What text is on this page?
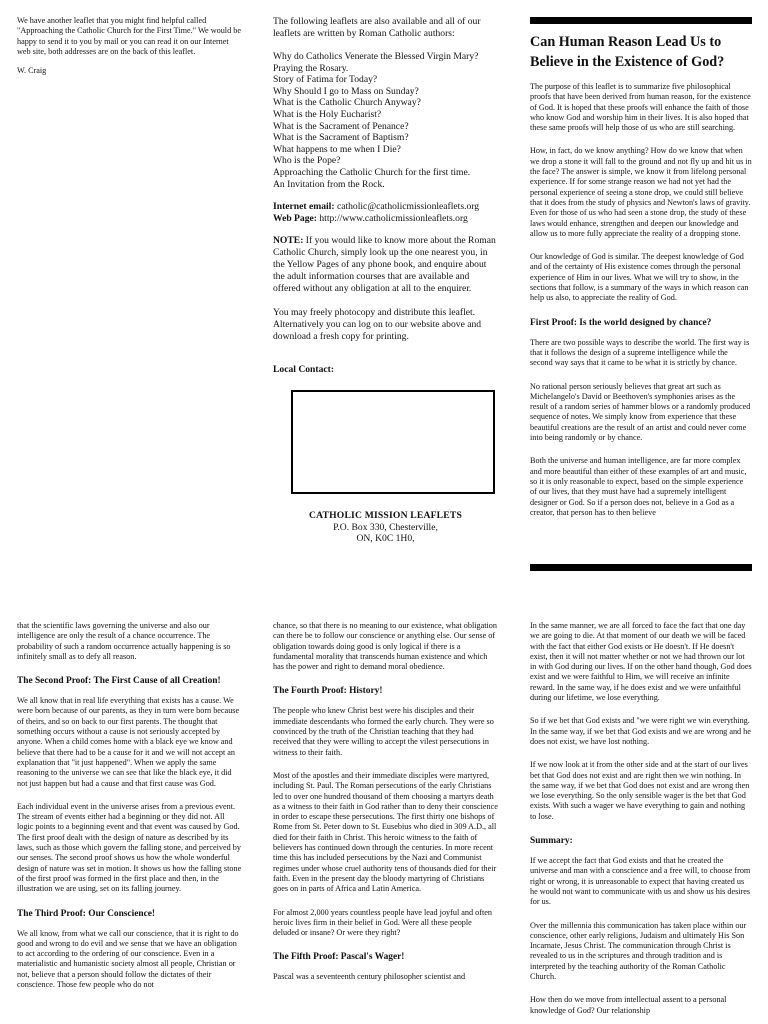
We have another leaflet that you might find helpful called "Approaching the Catholic Church for the First Time." We would be happy to send it to you by mail or you can read it on our Internet web site, both addresses are on the back of this leaflet.

W. Craig

The following leaflets are also available and all of our leaflets are written by Roman Catholic authors:

Why do Catholics Venerate the Blessed Virgin Mary?

Praying the Rosary.

Story of Fatima for Today?

Why Should I go to Mass on Sunday?

What is the Catholic Church Anyway?

What is the Holy Eucharist?

What is the Sacrament of Penance?

What is the Sacrament of Baptism?

What happens to me when I Die?

Who is the Pope?

Approaching the Catholic Church for the first time.

An Invitation from the Rock.

Internet email: catholic@catholicmissionleaflets.org

Web Page: http://www.catholicmissionleaflets.org

NOTE: If you would like to know more about the Roman Catholic Church, simply look up the one nearest you, in the Yellow Pages of any phone book, and enquire about the adult information courses that are available and offered without any obligation at all to the enquirer.

You may freely photocopy and distribute this leaflet. Alternatively you can log on to our website above and download a fresh copy for printing.

Local Contact:

CATHOLIC MISSION LEAFLETS

P.O. Box 330, Chesterville,

ON, K0C 1H0,

Can Human Reason Lead Us to Believe in the Existence of God?

The purpose of this leaflet is to summarize five philosophical proofs that have been derived from human reason, for the existence of God. It is hoped that these proofs will enhance the faith of those who know God and worship him in their lives. It is also hoped that these same proofs will help those of us who are still searching.

How, in fact, do we know anything? How do we know that when we drop a stone it will fall to the ground and not fly up and hit us in the face? The answer is simple, we know it from lifelong personal experience. If for some strange reason we had not yet had the personal experience of seeing a stone drop, we could still believe that it does from the study of physics and Newton's laws of gravity. Even for those of us who had seen a stone drop, the study of these laws would enhance, strengthen and deepen our knowledge and allow us to more fully appreciate the reality of a dropping stone.

Our knowledge of God is similar. The deepest knowledge of God and of the certainty of His existence comes through the personal experience of Him in our lives. What we will try to show, in the sections that follow, is a summary of the ways in which reason can help us also, to appreciate the reality of God.

First Proof: Is the world designed by chance?

There are two possible ways to describe the world. The first way is that it follows the design of a supreme intelligence while the second way says that it came to be what it is strictly by chance.

No rational person seriously believes that great art such as Michelangelo's David or Beethoven's symphonies arises as the result of a random series of hammer blows or a randomly produced sequence of notes. We simply know from experience that these beautiful creations are the result of an artist and could never come into being randomly or by chance.

Both the universe and human intelligence, are far more complex and more beautiful than either of these examples of art and music, so it is only reasonable to expect, based on the simple experience of our lives, that they must have had a supremely intelligent designer or God. So if a person does not, believe in a God as a creator, that person has to then believe

that the scientific laws governing the universe and also our intelligence are only the result of a chance occurrence. The probability of such a random occurrence actually happening is so infinitely small as to defy all reason.

The Second Proof: The First Cause of all Creation!

We all know that in real life everything that exists has a cause. We were born because of our parents, as they in turn were born because of theirs, and so on back to our first parents. The thought that something occurs without a cause is not seriously accepted by anyone. When a child comes home with a black eye we know and believe that there had to be a cause for it and we will not accept an explanation that "it just happened". When we apply the same reasoning to the universe we can see that like the black eye, it did not just happen but had a cause and that first cause was God.

Each individual event in the universe arises from a previous event. The stream of events either had a beginning or they did not. All logic points to a beginning event and that event was caused by God. The first proof dealt with the design of nature as described by its laws, such as those which govern the falling stone, and perceived by our senses. The second proof shows us how the whole wonderful design of nature was set in motion. It shows us how the falling stone of the first proof was formed in the first place and then, in the illustration we are using, set on its falling journey.

The Third Proof: Our Conscience!

We all know, from what we call our conscience, that it is right to do good and wrong to do evil and we sense that we have an obligation to act according to the ordering of our conscience. Even in a materialistic and humanistic society almost all people, Christian or not, believe that a person should follow the dictates of their conscience. Those few people who do not

chance, so that there is no meaning to our existence, what obligation can there be to follow our conscience or anything else. Our sense of obligation towards doing good is only logical if there is a fundamental morality that transcends human existence and which has the power and right to demand moral obedience.

The Fourth Proof: History!

The people who knew Christ best were his disciples and their immediate descendants who formed the early church. They were so convinced by the truth of the Christian teaching that they had received that they were willing to accept the vilest persecutions in witness to their faith.

Most of the apostles and their immediate disciples were martyred, including St. Paul. The Roman persecutions of the early Christians led to over one hundred thousand of them choosing a martyrs death as a witness to their faith in God rather than to deny their conscience in order to escape these persecutions. The first thirty one bishops of Rome from St. Peter down to St. Eusebius who died in 309 A.D., all died for their faith in Christ. This heroic witness to the faith of believers has continued down through the centuries. In more recent time this has included persecutions by the Nazi and Communist regimes under whose cruel authority tens of thousands died for their faith. Even in the present day the bloody martyring of Christians goes on in parts of Africa and Latin America.

For almost 2,000 years countless people have lead joyful and often heroic lives firm in their belief in God. Were all these people deluded or insane? Or were they right?

The Fifth Proof: Pascal's Wager!

Pascal was a seventeenth century philosopher scientist and

In the same manner, we are all forced to face the fact that one day we are going to die. At that moment of our death we will be faced with the fact that either God exists or He doesn't. If He doesn't exist, then it will not matter whether or not we had thrown our lot in with God during our lives. If on the other hand though, God does exist and we were faithful to Him, we will receive an infinite reward. In the same way, if he does exist and we were unfaithful during our lifetime, we lose everything.

So if we bet that God exists and "we were right we win everything. In the same way, if we bet that God exists and we are wrong and he does not exist, we have lost nothing.

If we now look at it from the other side and at the start of our lives bet that God does not exist and are right then we win nothing. In the same way, if we bet that God does not exist and are wrong then we lose everything. So the only sensible wager is the bet that God exists. With such a wager we have everything to gain and nothing to lose.

Summary:

If we accept the fact that God exists and that he created the universe and man with a conscience and a free will, to choose from right or wrong, it is unreasonable to expect that having created us he would not want to communicate with us and show us his desires for us.

Over the millennia this communication has taken place within our conscience, other early religions, Judaism and ultimately His Son Incarnate, Jesus Christ. The communication through Christ is revealed to us in the scriptures and through tradition and is interpreted by the teaching authority of the Roman Catholic Church.

How then do we move from intellectual assent to a personal knowledge of God? Our relationship
